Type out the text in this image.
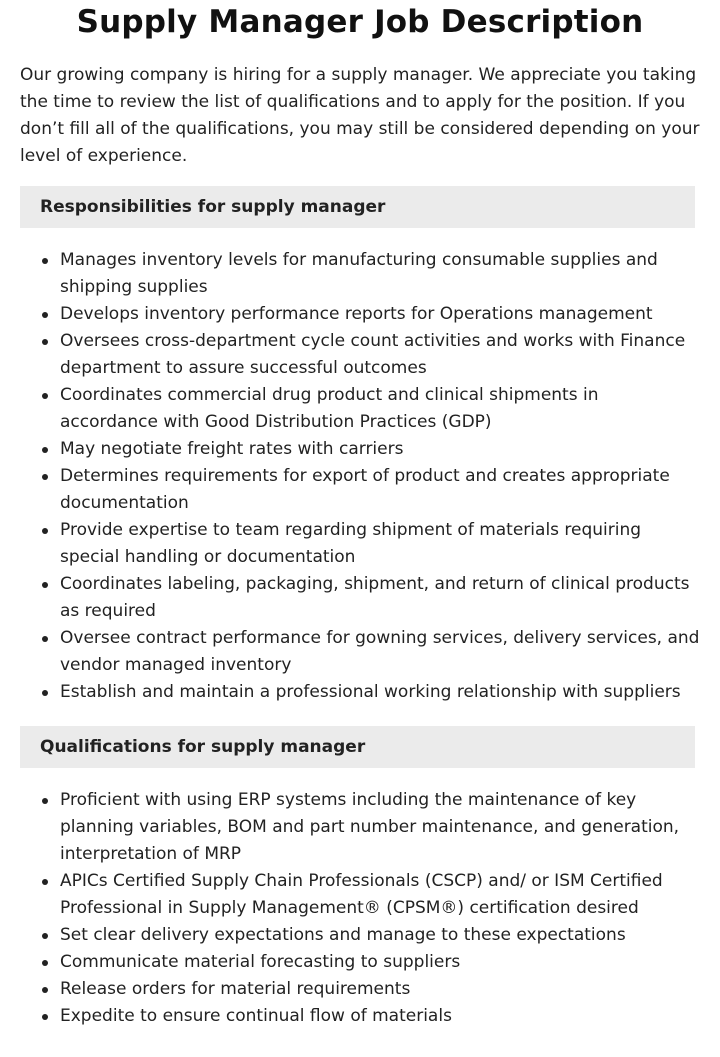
Supply Manager Job Description

Our growing company is hiring for a supply manager. We appreciate you taking the time to review the list of qualifications and to apply for the position. If you don’t fill all of the qualifications, you may still be considered depending on your level of experience.

Responsibilities for supply manager
Manages inventory levels for manufacturing consumable supplies and shipping supplies
Develops inventory performance reports for Operations management
Oversees cross-department cycle count activities and works with Finance department to assure successful outcomes
Coordinates commercial drug product and clinical shipments in accordance with Good Distribution Practices (GDP)
May negotiate freight rates with carriers
Determines requirements for export of product and creates appropriate documentation
Provide expertise to team regarding shipment of materials requiring special handling or documentation
Coordinates labeling, packaging, shipment, and return of clinical products as required
Oversee contract performance for gowning services, delivery services, and vendor managed inventory
Establish and maintain a professional working relationship with suppliers
Qualifications for supply manager
Proficient with using ERP systems including the maintenance of key planning variables, BOM and part number maintenance, and generation, interpretation of MRP
APICs Certified Supply Chain Professionals (CSCP) and/ or ISM Certified Professional in Supply Management® (CPSM®) certification desired
Set clear delivery expectations and manage to these expectations
Communicate material forecasting to suppliers
Release orders for material requirements
Expedite to ensure continual flow of materials
